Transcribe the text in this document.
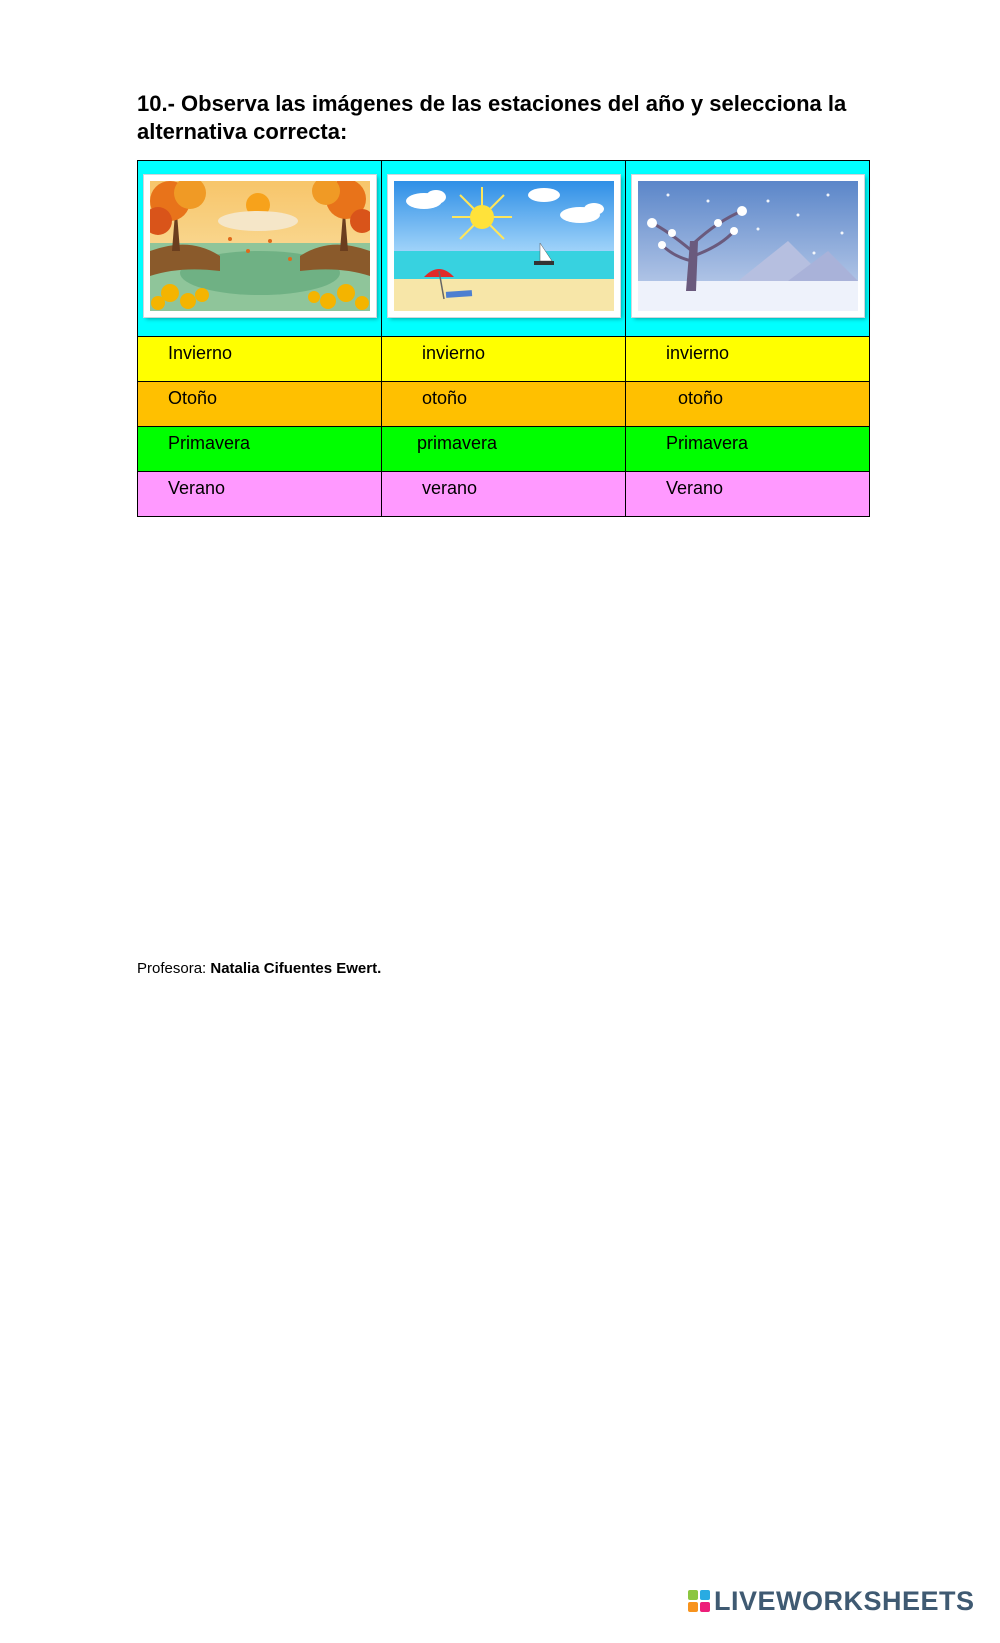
10.- Observa las imágenes de las estaciones del año y selecciona la alternativa correcta:

Invierno	invierno	invierno
Otoño	otoño	otoño
Primavera	primavera	Primavera
Verano	verano	Verano
Profesora: Natalia Cifuentes Ewert.
LIVEWORKSHEETS
